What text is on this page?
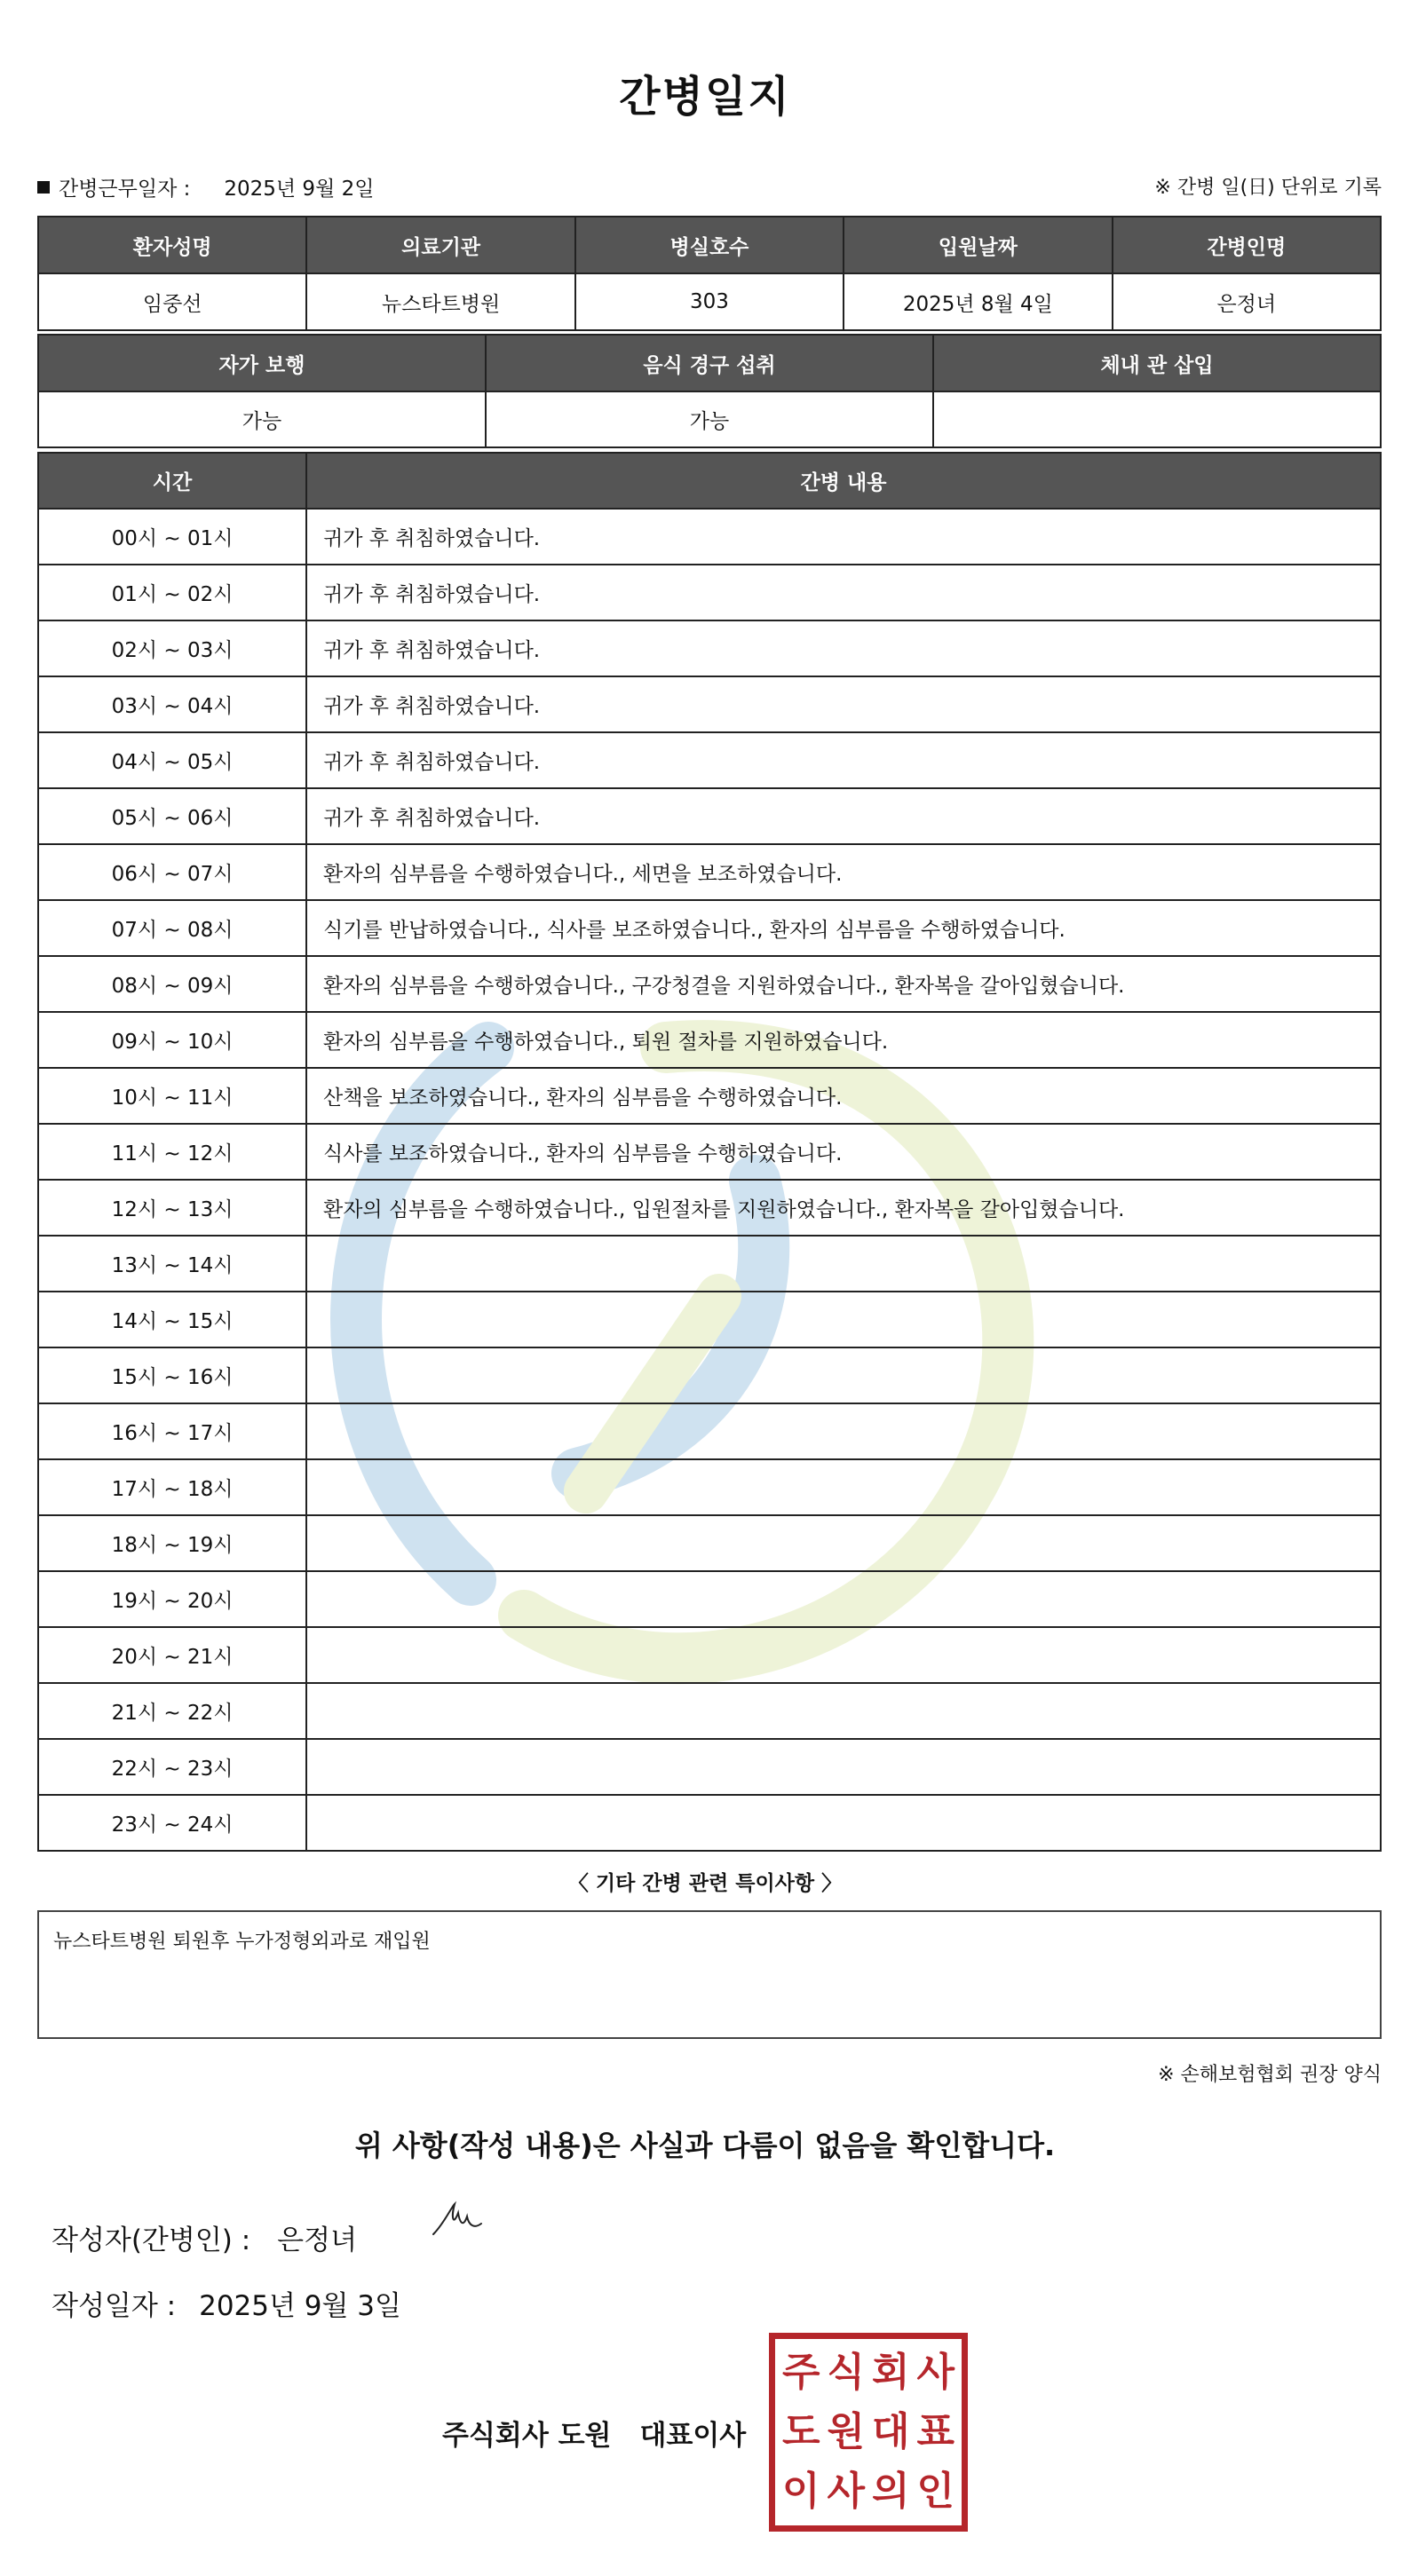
간병일지
간병근무일자 : 2025년 9월 2일	※ 간병 일(日) 단위로 기록
환자성명	의료기관	병실호수	입원날짜	간병인명
임중선	뉴스타트병원	303	2025년 8월 4일	은정녀
자가 보행	음식 경구 섭취	체내 관 삽입
가능	가능	
시간	간병 내용
00시 ~ 01시	귀가 후 취침하였습니다.
01시 ~ 02시	귀가 후 취침하였습니다.
02시 ~ 03시	귀가 후 취침하였습니다.
03시 ~ 04시	귀가 후 취침하였습니다.
04시 ~ 05시	귀가 후 취침하였습니다.
05시 ~ 06시	귀가 후 취침하였습니다.
06시 ~ 07시	환자의 심부름을 수행하였습니다., 세면을 보조하였습니다.
07시 ~ 08시	식기를 반납하였습니다., 식사를 보조하였습니다., 환자의 심부름을 수행하였습니다.
08시 ~ 09시	환자의 심부름을 수행하였습니다., 구강청결을 지원하였습니다., 환자복을 갈아입혔습니다.
09시 ~ 10시	환자의 심부름을 수행하였습니다., 퇴원 절차를 지원하였습니다.
10시 ~ 11시	산책을 보조하였습니다., 환자의 심부름을 수행하였습니다.
11시 ~ 12시	식사를 보조하였습니다., 환자의 심부름을 수행하였습니다.
12시 ~ 13시	환자의 심부름을 수행하였습니다., 입원절차를 지원하였습니다., 환자복을 갈아입혔습니다.
13시 ~ 14시	
14시 ~ 15시	
15시 ~ 16시	
16시 ~ 17시	
17시 ~ 18시	
18시 ~ 19시	
19시 ~ 20시	
20시 ~ 21시	
21시 ~ 22시	
22시 ~ 23시	
23시 ~ 24시	
〈 기타 간병 관련 특이사항 〉
뉴스타트병원 퇴원후 누가정형외과로 재입원
※ 손해보험협회 권장 양식
위 사항(작성 내용)은 사실과 다름이 없음을 확인합니다.
작성자(간병인) : 은정녀
작성일자 : 2025년 9월 3일
주식회사 도원 대표이사
주 식 회 사
도 원 대 표
이 사 의 인
